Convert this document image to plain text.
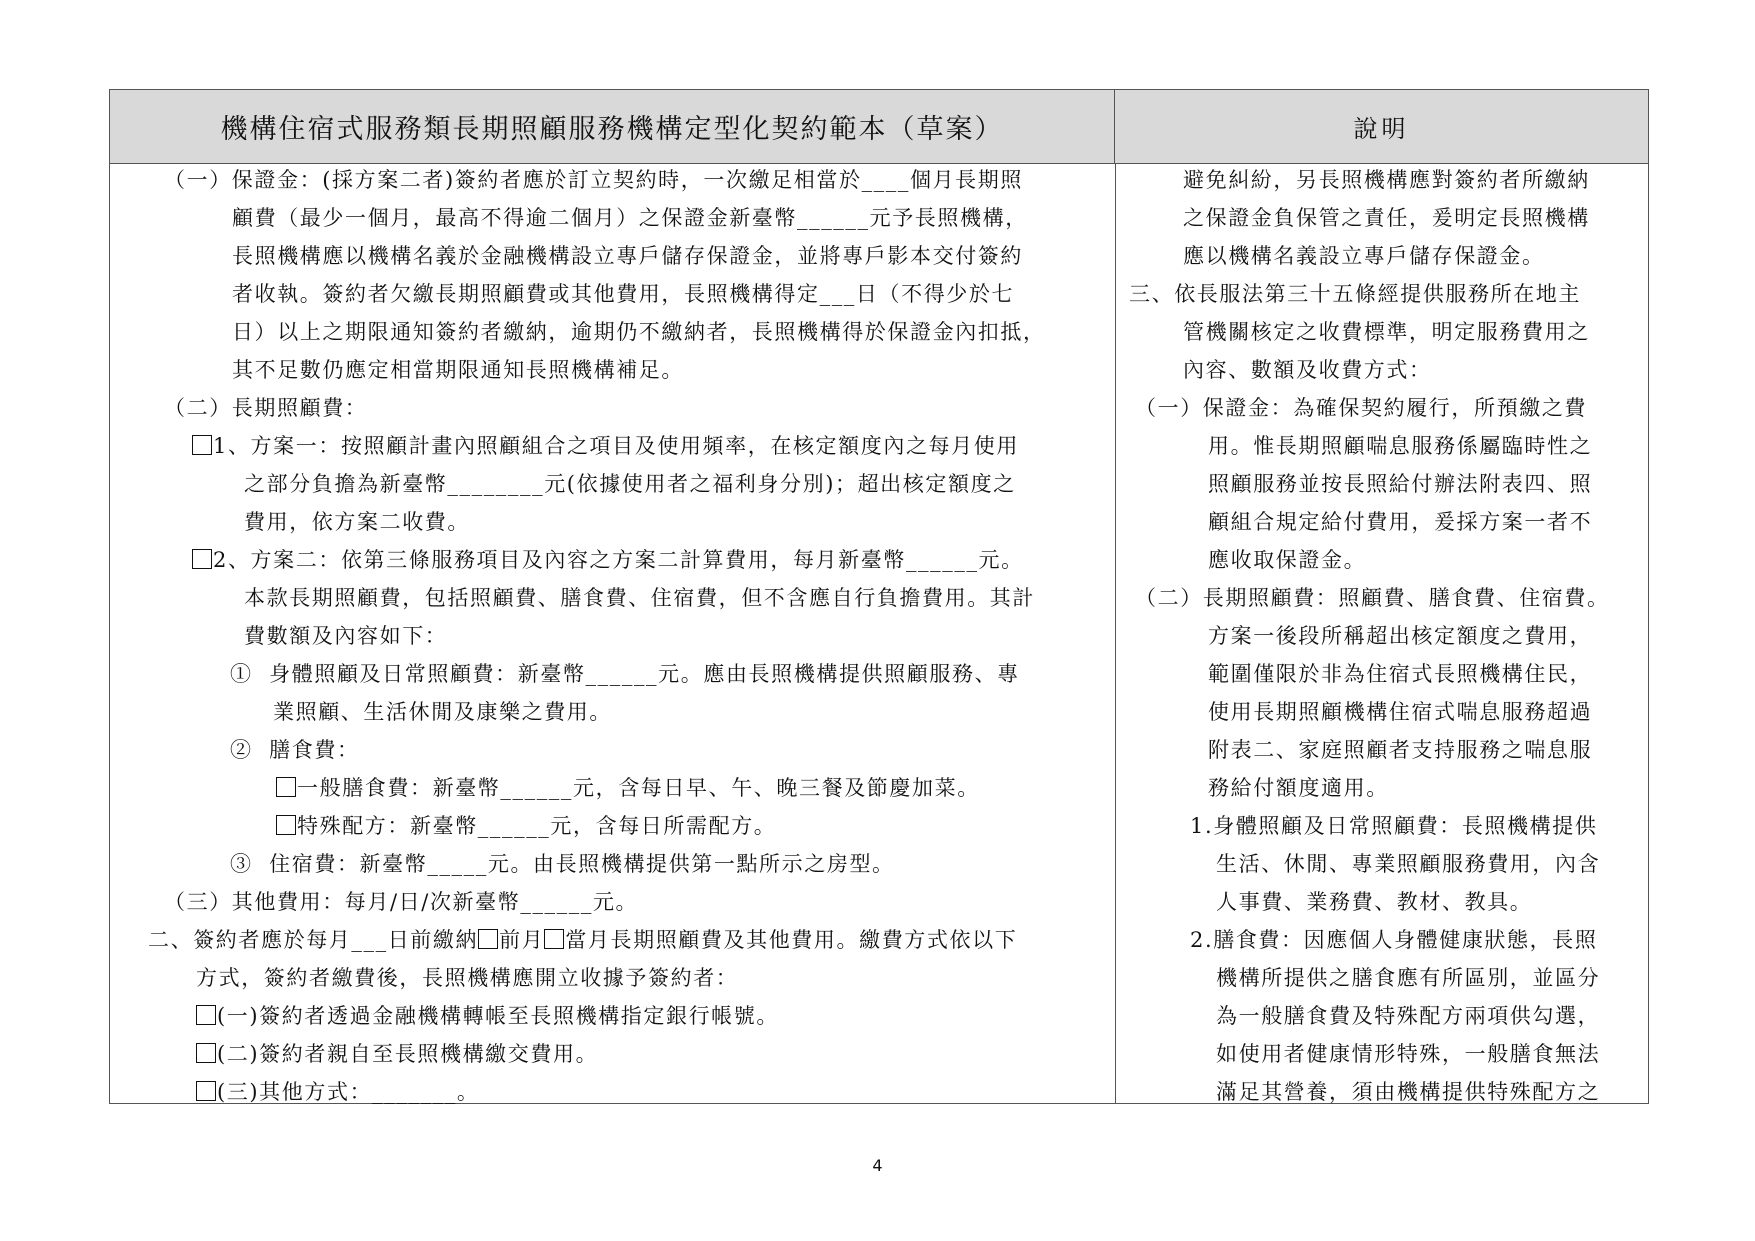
機構住宿式服務類長期照顧服務機構定型化契約範本（草案）	說明
（一）保證金：(採方案二者)簽約者應於訂立契約時，一次繳足相當於____個月長期照
顧費（最少一個月，最高不得逾二個月）之保證金新臺幣______元予長照機構，
長照機構應以機構名義於金融機構設立專戶儲存保證金，並將專戶影本交付簽約
者收執。簽約者欠繳長期照顧費或其他費用，長照機構得定___日（不得少於七
日）以上之期限通知簽約者繳納，逾期仍不繳納者，長照機構得於保證金內扣抵，
其不足數仍應定相當期限通知長照機構補足。
（二）長期照顧費：
1、方案一：按照顧計畫內照顧組合之項目及使用頻率，在核定額度內之每月使用
之部分負擔為新臺幣________元(依據使用者之福利身分別)；超出核定額度之
費用，依方案二收費。
2、方案二：依第三條服務項目及內容之方案二計算費用，每月新臺幣______元。
本款長期照顧費，包括照顧費、膳食費、住宿費，但不含應自行負擔費用。其計
費數額及內容如下：
①  身體照顧及日常照顧費：新臺幣______元。應由長照機構提供照顧服務、專
業照顧、生活休閒及康樂之費用。
②  膳食費：
一般膳食費：新臺幣______元，含每日早、午、晚三餐及節慶加菜。
特殊配方：新臺幣______元，含每日所需配方。
③  住宿費：新臺幣_____元。由長照機構提供第一點所示之房型。
（三）其他費用：每月/日/次新臺幣______元。
二、簽約者應於每月___日前繳納 前月 當月長期照顧費及其他費用。繳費方式依以下
方式，簽約者繳費後，長照機構應開立收據予簽約者：
(一)簽約者透過金融機構轉帳至長照機構指定銀行帳號。
(二)簽約者親自至長照機構繳交費用。
(三)其他方式：_______。
避免糾紛，另長照機構應對簽約者所繳納
之保證金負保管之責任，爰明定長照機構
應以機構名義設立專戶儲存保證金。
三、依長服法第三十五條經提供服務所在地主
管機關核定之收費標準，明定服務費用之
內容、數額及收費方式：
（一）保證金：為確保契約履行，所預繳之費
用。惟長期照顧喘息服務係屬臨時性之
照顧服務並按長照給付辦法附表四、照
顧組合規定給付費用，爰採方案一者不
應收取保證金。
（二）長期照顧費：照顧費、膳食費、住宿費。
方案一後段所稱超出核定額度之費用，
範圍僅限於非為住宿式長照機構住民，
使用長期照顧機構住宿式喘息服務超過
附表二、家庭照顧者支持服務之喘息服
務給付額度適用。
1.身體照顧及日常照顧費：長照機構提供
生活、休閒、專業照顧服務費用，內含
人事費、業務費、教材、教具。
2.膳食費：因應個人身體健康狀態，長照
機構所提供之膳食應有所區別，並區分
為一般膳食費及特殊配方兩項供勾選，
如使用者健康情形特殊，一般膳食無法
滿足其營養，須由機構提供特殊配方之
4
